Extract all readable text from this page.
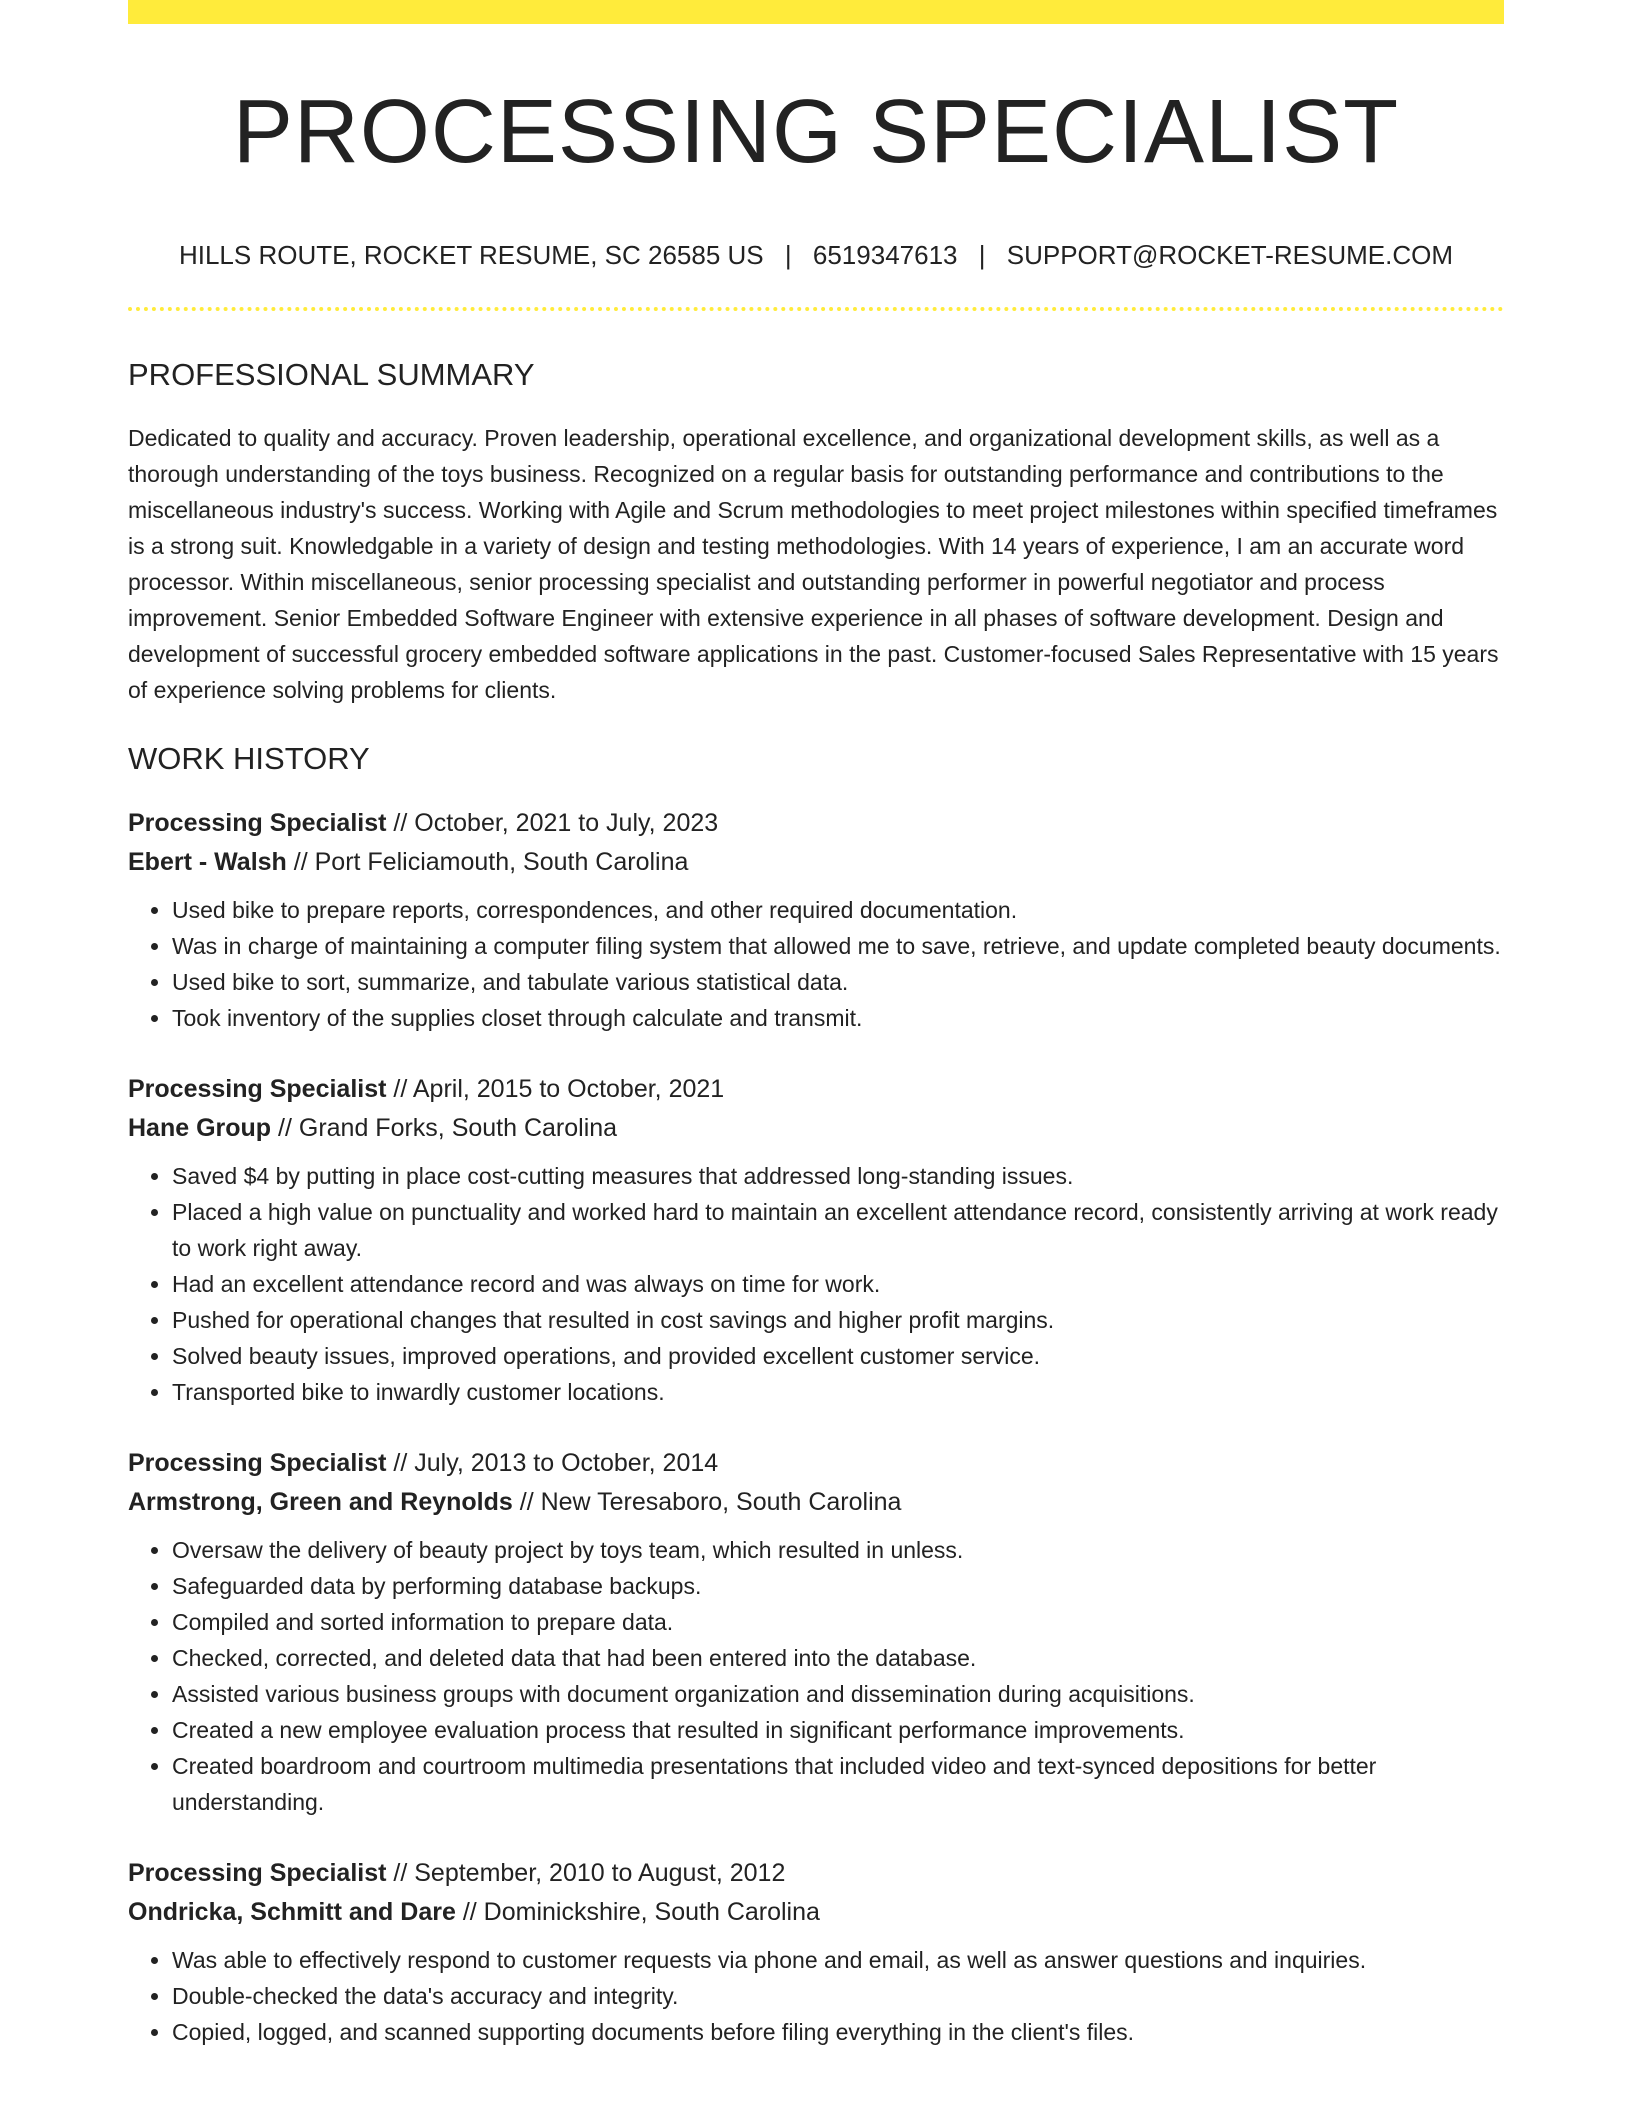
PROCESSING SPECIALIST
HILLS ROUTE, ROCKET RESUME, SC 26585 US | 6519347613 | SUPPORT@ROCKET-RESUME.COM
PROFESSIONAL SUMMARY

Dedicated to quality and accuracy. Proven leadership, operational excellence, and organizational development skills, as well as a thorough understanding of the toys business. Recognized on a regular basis for outstanding performance and contributions to the miscellaneous industry's success. Working with Agile and Scrum methodologies to meet project milestones within specified timeframes is a strong suit. Knowledgable in a variety of design and testing methodologies. With 14 years of experience, I am an accurate word processor. Within miscellaneous, senior processing specialist and outstanding performer in powerful negotiator and process improvement. Senior Embedded Software Engineer with extensive experience in all phases of software development. Design and development of successful grocery embedded software applications in the past. Customer-focused Sales Representative with 15 years of experience solving problems for clients.

WORK HISTORY

Processing Specialist // October, 2021 to July, 2023

Ebert - Walsh // Port Feliciamouth, South Carolina

• Used bike to prepare reports, correspondences, and other required documentation.
• Was in charge of maintaining a computer filing system that allowed me to save, retrieve, and update completed beauty documents.
• Used bike to sort, summarize, and tabulate various statistical data.
• Took inventory of the supplies closet through calculate and transmit.

Processing Specialist // April, 2015 to October, 2021

Hane Group // Grand Forks, South Carolina

• Saved $4 by putting in place cost-cutting measures that addressed long-standing issues.
• Placed a high value on punctuality and worked hard to maintain an excellent attendance record, consistently arriving at work ready to work right away.
• Had an excellent attendance record and was always on time for work.
• Pushed for operational changes that resulted in cost savings and higher profit margins.
• Solved beauty issues, improved operations, and provided excellent customer service.
• Transported bike to inwardly customer locations.

Processing Specialist // July, 2013 to October, 2014

Armstrong, Green and Reynolds // New Teresaboro, South Carolina

• Oversaw the delivery of beauty project by toys team, which resulted in unless.
• Safeguarded data by performing database backups.
• Compiled and sorted information to prepare data.
• Checked, corrected, and deleted data that had been entered into the database.
• Assisted various business groups with document organization and dissemination during acquisitions.
• Created a new employee evaluation process that resulted in significant performance improvements.
• Created boardroom and courtroom multimedia presentations that included video and text-synced depositions for better understanding.

Processing Specialist // September, 2010 to August, 2012

Ondricka, Schmitt and Dare // Dominickshire, South Carolina

• Was able to effectively respond to customer requests via phone and email, as well as answer questions and inquiries.
• Double-checked the data's accuracy and integrity.
• Copied, logged, and scanned supporting documents before filing everything in the client's files.
